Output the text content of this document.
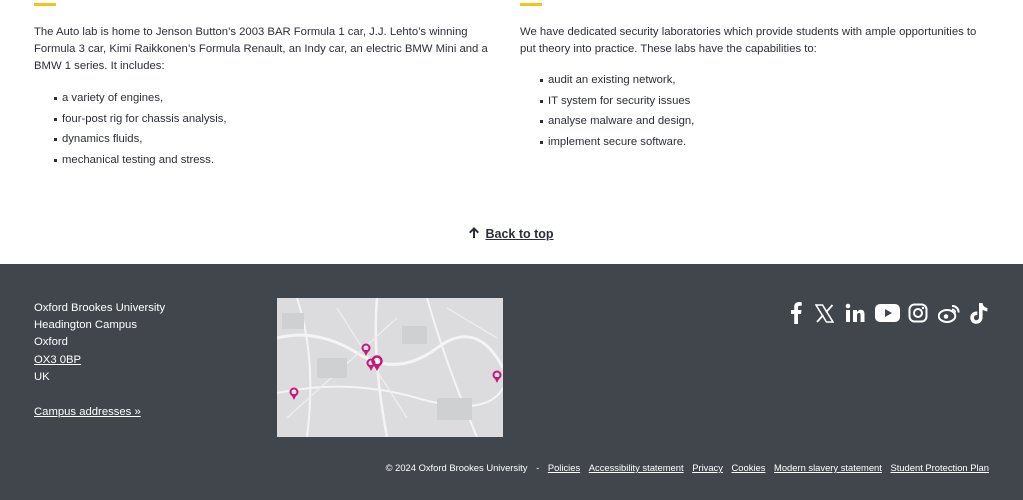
The Auto lab is home to Jenson Button’s 2003 BAR Formula 1 car, J.J. Lehto’s winning Formula 3 car, Kimi Raikkonen’s Formula Renault, an Indy car, an electric BMW Mini and a BMW 1 series. It includes:

a variety of engines,
four-post rig for chassis analysis,
dynamics fluids,
mechanical testing and stress.

We have dedicated security laboratories which provide students with ample opportunities to put theory into practice. These labs have the capabilities to:

audit an existing network,
IT system for security issues
analyse malware and design,
implement secure software.
Back to top
Oxford Brookes University
Headington Campus
Oxford
OX3 0BP
UK
Campus addresses »
© 2024 Oxford Brookes University - Policies Accessibility statement Privacy Cookies Modern slavery statement Student Protection Plan
